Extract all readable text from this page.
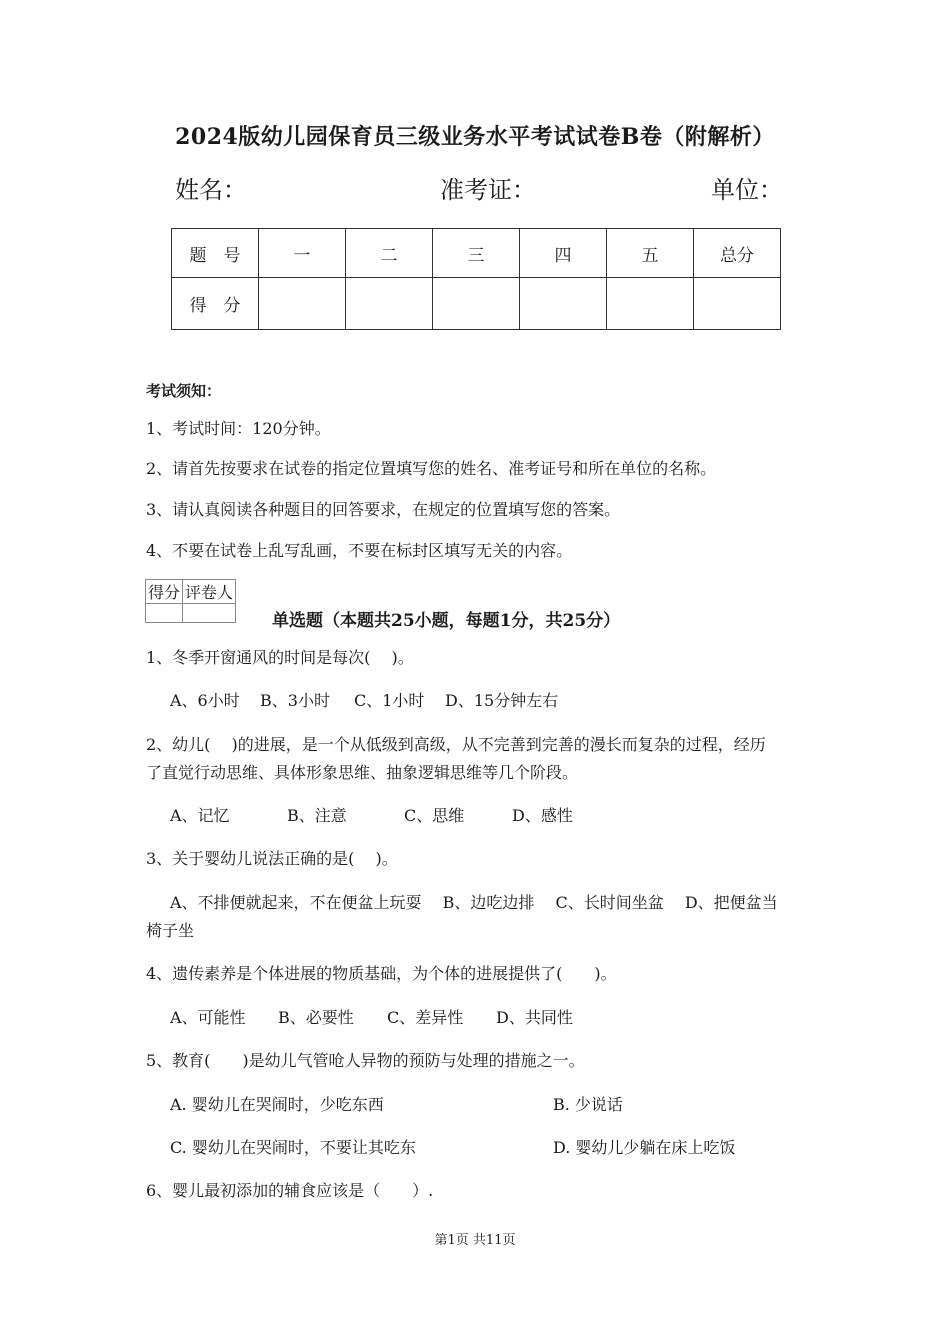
2024版幼儿园保育员三级业务水平考试试卷B卷（附解析）
姓名：	准考证：	单位：
题　号	一	二	三	四	五	总分
得　分						
考试须知：
1、考试时间：120分钟。
2、请首先按要求在试卷的指定位置填写您的姓名、准考证号和所在单位的名称。
3、请认真阅读各种题目的回答要求，在规定的位置填写您的答案。
4、不要在试卷上乱写乱画，不要在标封区填写无关的内容。
得分	评卷人

单选题（本题共25小题，每题1分，共25分）
1、冬季开窗通风的时间是每次(　 )。
A、6小时 B、3小时 C、1小时 D、15分钟左右
2、幼儿(　 )的进展，是一个从低级到高级，从不完善到完善的漫长而复杂的过程，经历
了直觉行动思维、具体形象思维、抽象逻辑思维等几个阶段。
A、记忆	B、注意	C、思维	D、感性
3、关于婴幼儿说法正确的是(　 )。
A、不排便就起来，不在便盆上玩耍　 B、边吃边排　 C、长时间坐盆　 D、把便盆当
椅子坐
4、遗传素养是个体进展的物质基础，为个体的进展提供了(　　)。
A、可能性 B、必要性 C、差异性 D、共同性
5、教育(　　)是幼儿气管呛人异物的预防与处理的措施之一。
A. 婴幼儿在哭闹时，少吃东西	B. 少说话
C. 婴幼儿在哭闹时，不要让其吃东	D. 婴幼儿少躺在床上吃饭
6、婴儿最初添加的辅食应该是（　　）.
第1页 共11页
